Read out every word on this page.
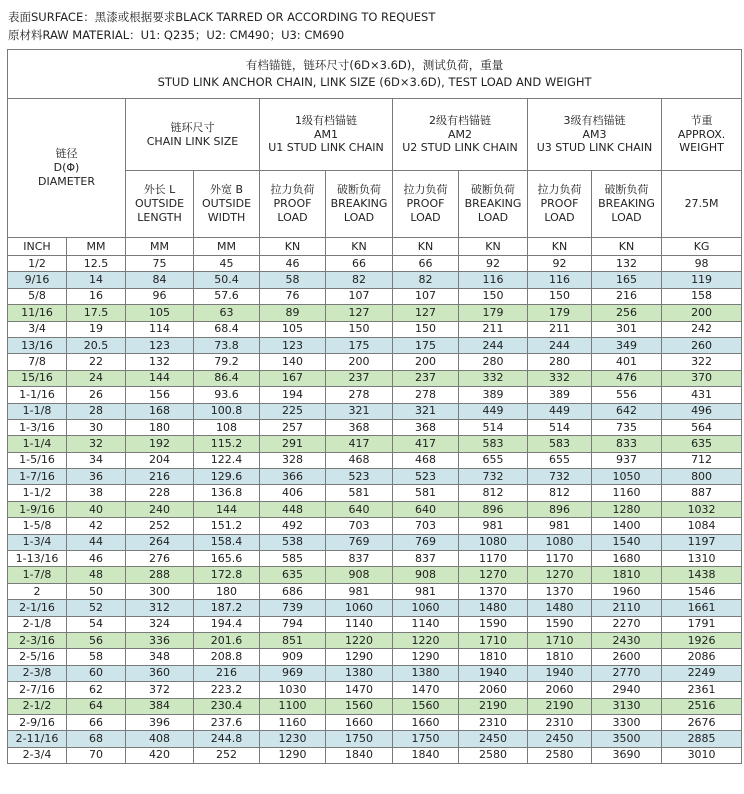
表面SURFACE：黑漆或根据要求BLACK TARRED OR ACCORDING TO REQUEST
原材料RAW MATERIAL：U1: Q235；U2: CM490；U3: CM690
有档锚链，链环尺寸(6D×3.6D)，测试负荷，重量
STUD LINK ANCHOR CHAIN, LINK SIZE (6D×3.6D), TEST LOAD AND WEIGHT										

链径
D(Φ)
DIAMETER		链环尺寸
CHAIN LINK SIZE		1级有档锚链
AM1
U1 STUD LINK CHAIN		2级有档锚链
AM2
U2 STUD LINK CHAIN		3级有档锚链
AM3
U3 STUD LINK CHAIN		节重
APPROX.
WEIGHT

		外长 L
OUTSIDE
LENGTH	外宽 B
OUTSIDE
WIDTH	拉力负荷
PROOF
LOAD	破断负荷
BREAKING
LOAD	拉力负荷
PROOF
LOAD	破断负荷
BREAKING
LOAD	拉力负荷
PROOF
LOAD	破断负荷
BREAKING
LOAD	27.5M
INCH	MM	MM	MM	KN	KN	KN	KN	KN	KN	KG
1/2	12.5	75	45	46	66	66	92	92	132	98
9/16	14	84	50.4	58	82	82	116	116	165	119
5/8	16	96	57.6	76	107	107	150	150	216	158
11/16	17.5	105	63	89	127	127	179	179	256	200
3/4	19	114	68.4	105	150	150	211	211	301	242
13/16	20.5	123	73.8	123	175	175	244	244	349	260
7/8	22	132	79.2	140	200	200	280	280	401	322
15/16	24	144	86.4	167	237	237	332	332	476	370
1-1/16	26	156	93.6	194	278	278	389	389	556	431
1-1/8	28	168	100.8	225	321	321	449	449	642	496
1-3/16	30	180	108	257	368	368	514	514	735	564
1-1/4	32	192	115.2	291	417	417	583	583	833	635
1-5/16	34	204	122.4	328	468	468	655	655	937	712
1-7/16	36	216	129.6	366	523	523	732	732	1050	800
1-1/2	38	228	136.8	406	581	581	812	812	1160	887
1-9/16	40	240	144	448	640	640	896	896	1280	1032
1-5/8	42	252	151.2	492	703	703	981	981	1400	1084
1-3/4	44	264	158.4	538	769	769	1080	1080	1540	1197
1-13/16	46	276	165.6	585	837	837	1170	1170	1680	1310
1-7/8	48	288	172.8	635	908	908	1270	1270	1810	1438
2	50	300	180	686	981	981	1370	1370	1960	1546
2-1/16	52	312	187.2	739	1060	1060	1480	1480	2110	1661
2-1/8	54	324	194.4	794	1140	1140	1590	1590	2270	1791
2-3/16	56	336	201.6	851	1220	1220	1710	1710	2430	1926
2-5/16	58	348	208.8	909	1290	1290	1810	1810	2600	2086
2-3/8	60	360	216	969	1380	1380	1940	1940	2770	2249
2-7/16	62	372	223.2	1030	1470	1470	2060	2060	2940	2361
2-1/2	64	384	230.4	1100	1560	1560	2190	2190	3130	2516
2-9/16	66	396	237.6	1160	1660	1660	2310	2310	3300	2676
2-11/16	68	408	244.8	1230	1750	1750	2450	2450	3500	2885
2-3/4	70	420	252	1290	1840	1840	2580	2580	3690	3010
